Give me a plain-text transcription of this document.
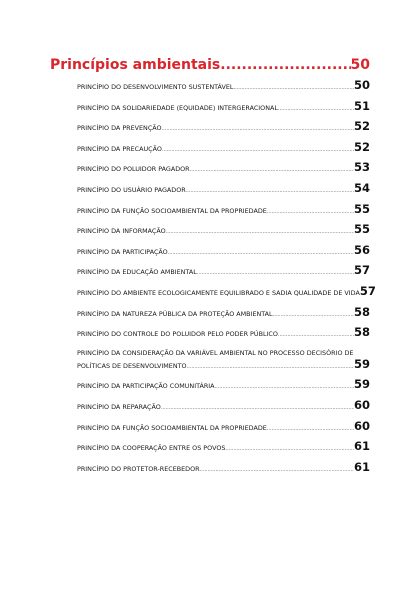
Princípios ambientais .....	50
PRINCÍPIO DO DESENVOLVIMENTO SUSTENTÁVEL .....	50
PRINCÍPIO DA SOLIDARIEDADE (EQUIDADE) INTERGERACIONAL .....	51
PRINCÍPIO DA PREVENÇÃO .....	52
PRINCÍPIO DA PRECAUÇÃO .....	52
PRINCÍPIO DO POLUIDOR PAGADOR .....	53
PRINCÍPIO DO USUÁRIO PAGADOR .....	54
PRINCÍPIO DA FUNÇÃO SOCIOAMBIENTAL DA PROPRIEDADE .....	55
PRINCÍPIO DA INFORMAÇÃO .....	55
PRINCÍPIO DA PARTICIPAÇÃO .....	56
PRINCÍPIO DA EDUCAÇÃO AMBIENTAL .....	57
PRINCÍPIO DO AMBIENTE ECOLOGICAMENTE EQUILIBRADO E SADIA QUALIDADE DE VIDA 57
PRINCÍPIO DA NATUREZA PÚBLICA DA PROTEÇÃO AMBIENTAL .....	58
PRINCÍPIO DO CONTROLE DO POLUIDOR PELO PODER PÚBLICO .....	58
PRINCÍPIO DA CONSIDERAÇÃO DA VARIÁVEL AMBIENTAL NO PROCESSO DECISÓRIO DE
POLÍTICAS DE DESENVOLVIMENTO .....	59
PRINCÍPIO DA PARTICIPAÇÃO COMUNITÁRIA .....	59
PRINCÍPIO DA REPARAÇÃO .....	60
PRINCÍPIO DA FUNÇÃO SOCIOAMBIENTAL DA PROPRIEDADE .....	60
PRINCÍPIO DA COOPERAÇÃO ENTRE OS POVOS .....	61
PRINCÍPIO DO PROTETOR-RECEBEDOR .....	61
